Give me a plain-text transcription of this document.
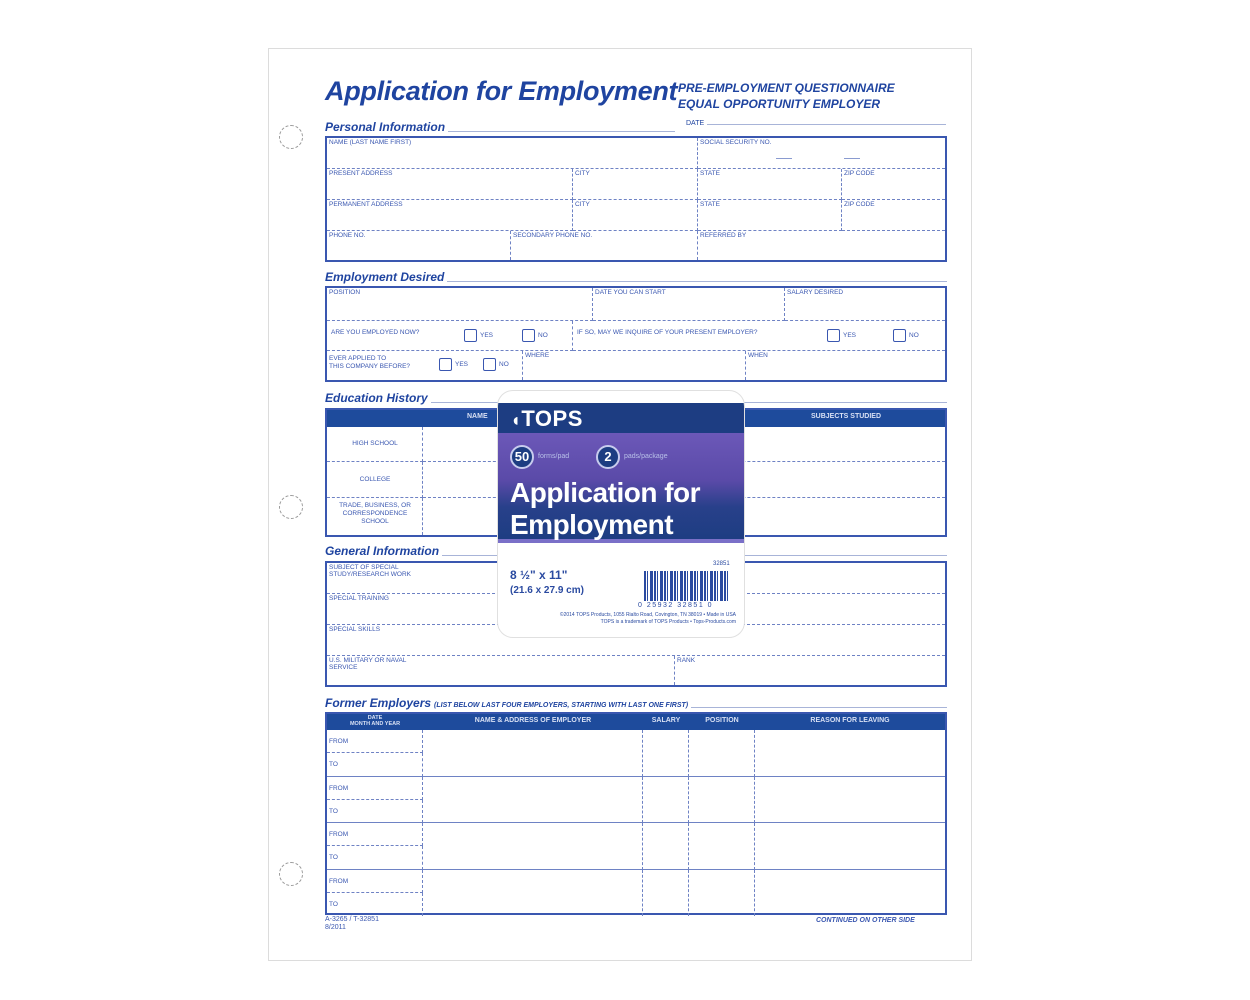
Application for Employment PRE-EMPLOYMENT QUESTIONNAIRE
EQUAL OPPORTUNITY EMPLOYER
Personal Information	DATE
NAME (LAST NAME FIRST)	SOCIAL SECURITY NO.
PRESENT ADDRESS	CITY	STATE	ZIP CODE
PERMANENT ADDRESS	CITY	STATE	ZIP CODE
PHONE NO.	SECONDARY PHONE NO.	REFERRED BY
Employment Desired
POSITION	DATE YOU CAN START	SALARY DESIRED
ARE YOU EMPLOYED NOW?	YES	NO	IF SO, MAY WE INQUIRE OF YOUR PRESENT EMPLOYER?	YES	NO
EVER APPLIED TO
THIS COMPANY BEFORE?	YES	NO
WHERE	WHEN
Education History
NAME	SUBJECTS STUDIED
HIGH SCHOOL
COLLEGE
TRADE, BUSINESS, OR CORRESPONDENCE SCHOOL
General Information
SUBJECT OF SPECIAL STUDY/RESEARCH WORK
SPECIAL TRAINING
SPECIAL SKILLS
U.S. MILITARY OR NAVAL SERVICE
RANK
◖TOPS
50	forms/pad	2	pads/package
Application for
Employment
32851
8 ½" x 11"
(21.6 x 27.9 cm)
0 25932 32851 0
©2014 TOPS Products, 1055 Rialto Road, Covington, TN 38019 • Made in USA
TOPS is a trademark of TOPS Products • Tops-Products.com
Former Employers (LIST BELOW LAST FOUR EMPLOYERS, STARTING WITH LAST ONE FIRST)
DATE
MONTH AND YEAR	NAME & ADDRESS OF EMPLOYER	SALARY	POSITION	REASON FOR LEAVING
FROM
TO
FROM
TO
FROM
TO
FROM
TO
A-3265 / T-32851
8/2011
CONTINUED ON OTHER SIDE
